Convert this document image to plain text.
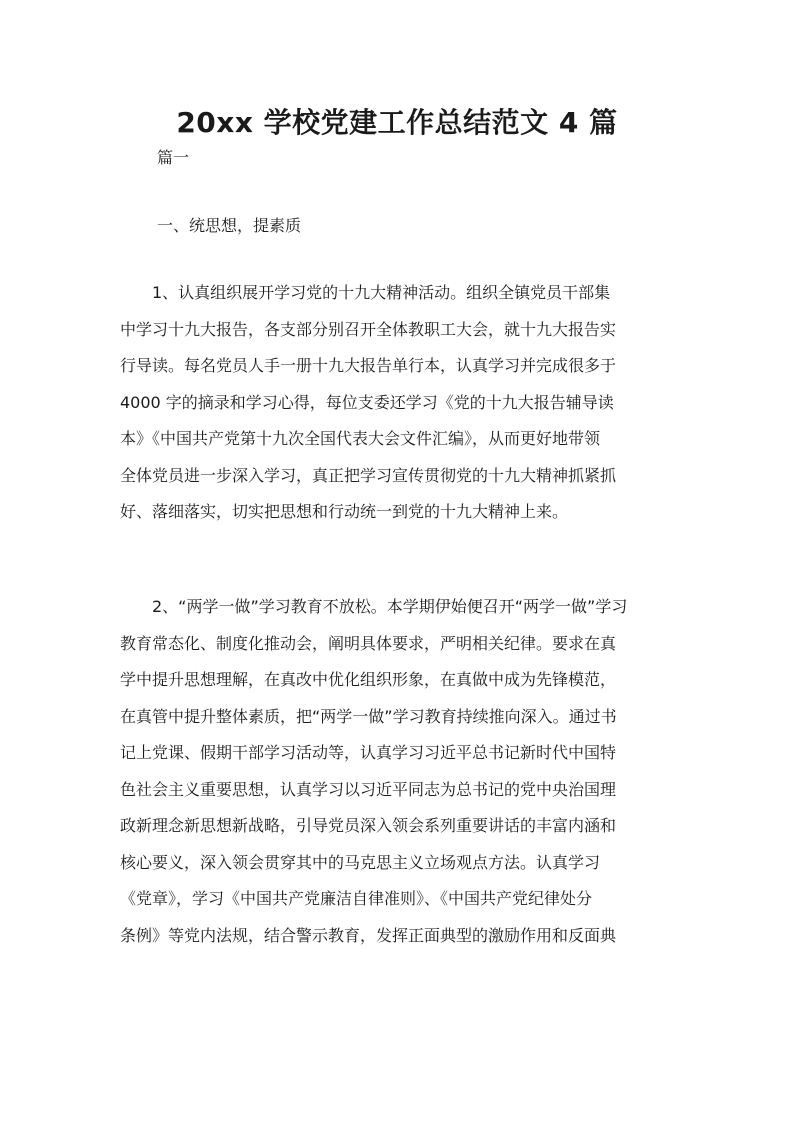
20xx 学校党建工作总结范文 4 篇
篇一
一、统思想，提素质
　　1、认真组织展开学习党的十九大精神活动。组织全镇党员干部集
中学习十九大报告，各支部分别召开全体教职工大会，就十九大报告实
行导读。每名党员人手一册十九大报告单行本，认真学习并完成很多于
4000 字的摘录和学习心得，每位支委还学习《党的十九大报告辅导读
本》《中国共产党第十九次全国代表大会文件汇编》，从而更好地带领
全体党员进一步深入学习，真正把学习宣传贯彻党的十九大精神抓紧抓
好、落细落实，切实把思想和行动统一到党的十九大精神上来。
　　2、“两学一做”学习教育不放松。本学期伊始便召开“两学一做”学习
教育常态化、制度化推动会，阐明具体要求，严明相关纪律。要求在真
学中提升思想理解，在真改中优化组织形象，在真做中成为先锋模范，
在真管中提升整体素质，把“两学一做”学习教育持续推向深入。通过书
记上党课、假期干部学习活动等，认真学习习近平总书记新时代中国特
色社会主义重要思想，认真学习以习近平同志为总书记的党中央治国理
政新理念新思想新战略，引导党员深入领会系列重要讲话的丰富内涵和
核心要义，深入领会贯穿其中的马克思主义立场观点方法。认真学习
《党章》，学习《中国共产党廉洁自律准则》、《中国共产党纪律处分
条例》等党内法规，结合警示教育，发挥正面典型的激励作用和反面典
